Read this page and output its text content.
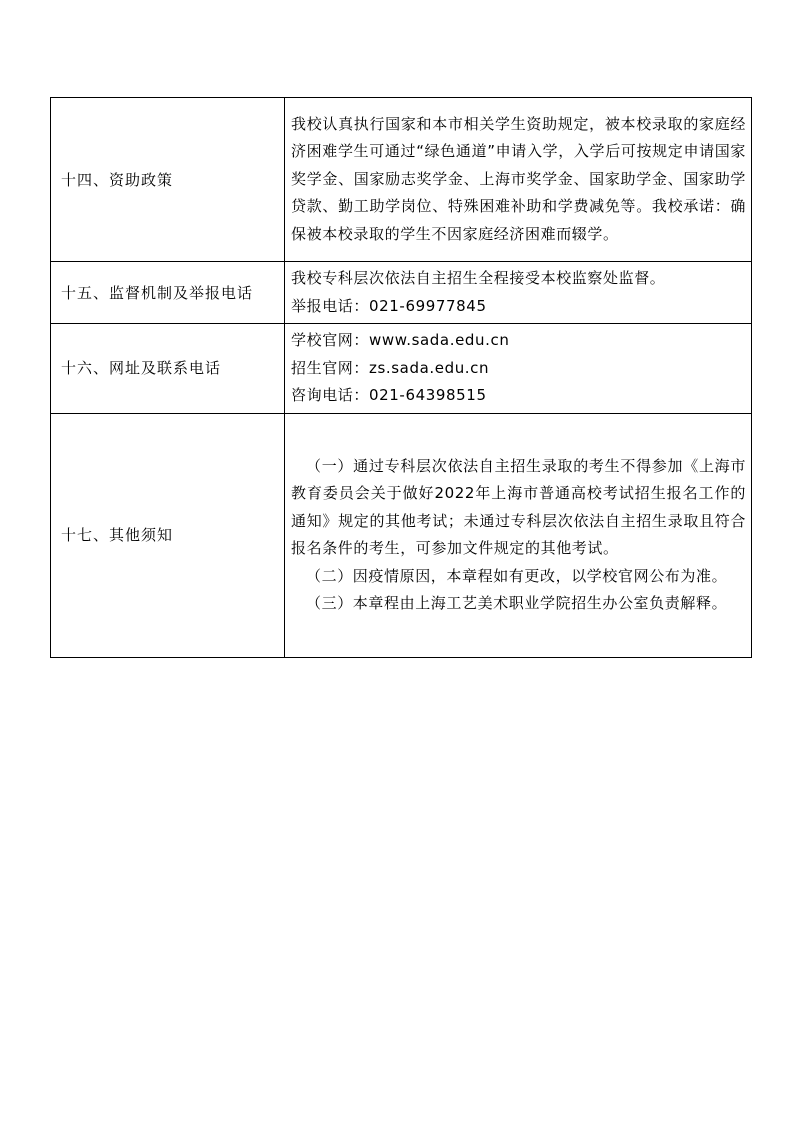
十四、资助政策	我校认真执行国家和本市相关学生资助规定，被本校录取的家庭经济困难学生可通过“绿色通道”申请入学，入学后可按规定申请国家奖学金、国家励志奖学金、上海市奖学金、国家助学金、国家助学贷款、勤工助学岗位、特殊困难补助和学费减免等。我校承诺：确保被本校录取的学生不因家庭经济困难而辍学。

十五、监督机制及举报电话	我校专科层次依法自主招生全程接受本校监察处监督。
举报电话：021-69977845

十六、网址及联系电话	学校官网：www.sada.edu.cn
招生官网：zs.sada.edu.cn
咨询电话：021-64398515

十七、其他须知	（一）通过专科层次依法自主招生录取的考生不得参加《上海市教育委员会关于做好2022年上海市普通高校考试招生报名工作的通知》规定的其他考试；未通过专科层次依法自主招生录取且符合报名条件的考生，可参加文件规定的其他考试。
（二）因疫情原因，本章程如有更改，以学校官网公布为准。
（三）本章程由上海工艺美术职业学院招生办公室负责解释。
